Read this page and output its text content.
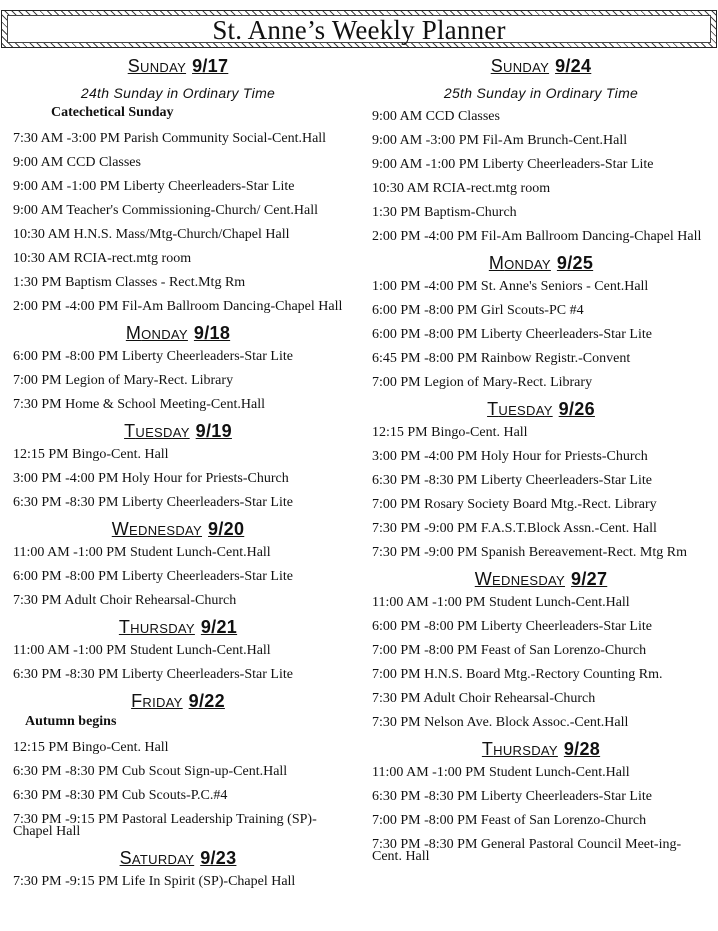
St. Anne’s Weekly Planner
SUNDAY 9/17
24th Sunday in Ordinary Time
Catechetical Sunday
7:30 AM -3:00 PM Parish Community Social-Cent.Hall
9:00 AM CCD Classes
9:00 AM -1:00 PM Liberty Cheerleaders-Star Lite
9:00 AM Teacher's Commissioning-Church/ Cent.Hall
10:30 AM H.N.S. Mass/Mtg-Church/Chapel Hall
10:30 AM RCIA-rect.mtg room
1:30 PM Baptism Classes - Rect.Mtg Rm
2:00 PM -4:00 PM Fil-Am Ballroom Dancing-Chapel Hall
MONDAY 9/18
6:00 PM -8:00 PM Liberty Cheerleaders-Star Lite
7:00 PM Legion of Mary-Rect. Library
7:30 PM Home & School Meeting-Cent.Hall
TUESDAY 9/19
12:15 PM Bingo-Cent. Hall
3:00 PM -4:00 PM Holy Hour for Priests-Church
6:30 PM -8:30 PM Liberty Cheerleaders-Star Lite
WEDNESDAY 9/20
11:00 AM -1:00 PM Student Lunch-Cent.Hall
6:00 PM -8:00 PM Liberty Cheerleaders-Star Lite
7:30 PM Adult Choir Rehearsal-Church
THURSDAY 9/21
11:00 AM -1:00 PM Student Lunch-Cent.Hall
6:30 PM -8:30 PM Liberty Cheerleaders-Star Lite
FRIDAY 9/22
Autumn begins
12:15 PM Bingo-Cent. Hall
6:30 PM -8:30 PM Cub Scout Sign-up-Cent.Hall
6:30 PM -8:30 PM Cub Scouts-P.C.#4
7:30 PM -9:15 PM Pastoral Leadership Training (SP)-Chapel Hall
SATURDAY 9/23
7:30 PM -9:15 PM Life In Spirit (SP)-Chapel Hall
SUNDAY 9/24
25th Sunday in Ordinary Time
9:00 AM CCD Classes
9:00 AM -3:00 PM Fil-Am Brunch-Cent.Hall
9:00 AM -1:00 PM Liberty Cheerleaders-Star Lite
10:30 AM RCIA-rect.mtg room
1:30 PM Baptism-Church
2:00 PM -4:00 PM Fil-Am Ballroom Dancing-Chapel Hall
MONDAY 9/25
1:00 PM -4:00 PM St. Anne's Seniors - Cent.Hall
6:00 PM -8:00 PM Girl Scouts-PC #4
6:00 PM -8:00 PM Liberty Cheerleaders-Star Lite
6:45 PM -8:00 PM Rainbow Registr.-Convent
7:00 PM Legion of Mary-Rect. Library
TUESDAY 9/26
12:15 PM Bingo-Cent. Hall
3:00 PM -4:00 PM Holy Hour for Priests-Church
6:30 PM -8:30 PM Liberty Cheerleaders-Star Lite
7:00 PM Rosary Society Board Mtg.-Rect. Library
7:30 PM -9:00 PM F.A.S.T.Block Assn.-Cent. Hall
7:30 PM -9:00 PM Spanish Bereavement-Rect. Mtg Rm
WEDNESDAY 9/27
11:00 AM -1:00 PM Student Lunch-Cent.Hall
6:00 PM -8:00 PM Liberty Cheerleaders-Star Lite
7:00 PM -8:00 PM Feast of San Lorenzo-Church
7:00 PM H.N.S. Board Mtg.-Rectory Counting Rm.
7:30 PM Adult Choir Rehearsal-Church
7:30 PM Nelson Ave. Block Assoc.-Cent.Hall
THURSDAY 9/28
11:00 AM -1:00 PM Student Lunch-Cent.Hall
6:30 PM -8:30 PM Liberty Cheerleaders-Star Lite
7:00 PM -8:00 PM Feast of San Lorenzo-Church
7:30 PM -8:30 PM General Pastoral Council Meet-ing-Cent. Hall
